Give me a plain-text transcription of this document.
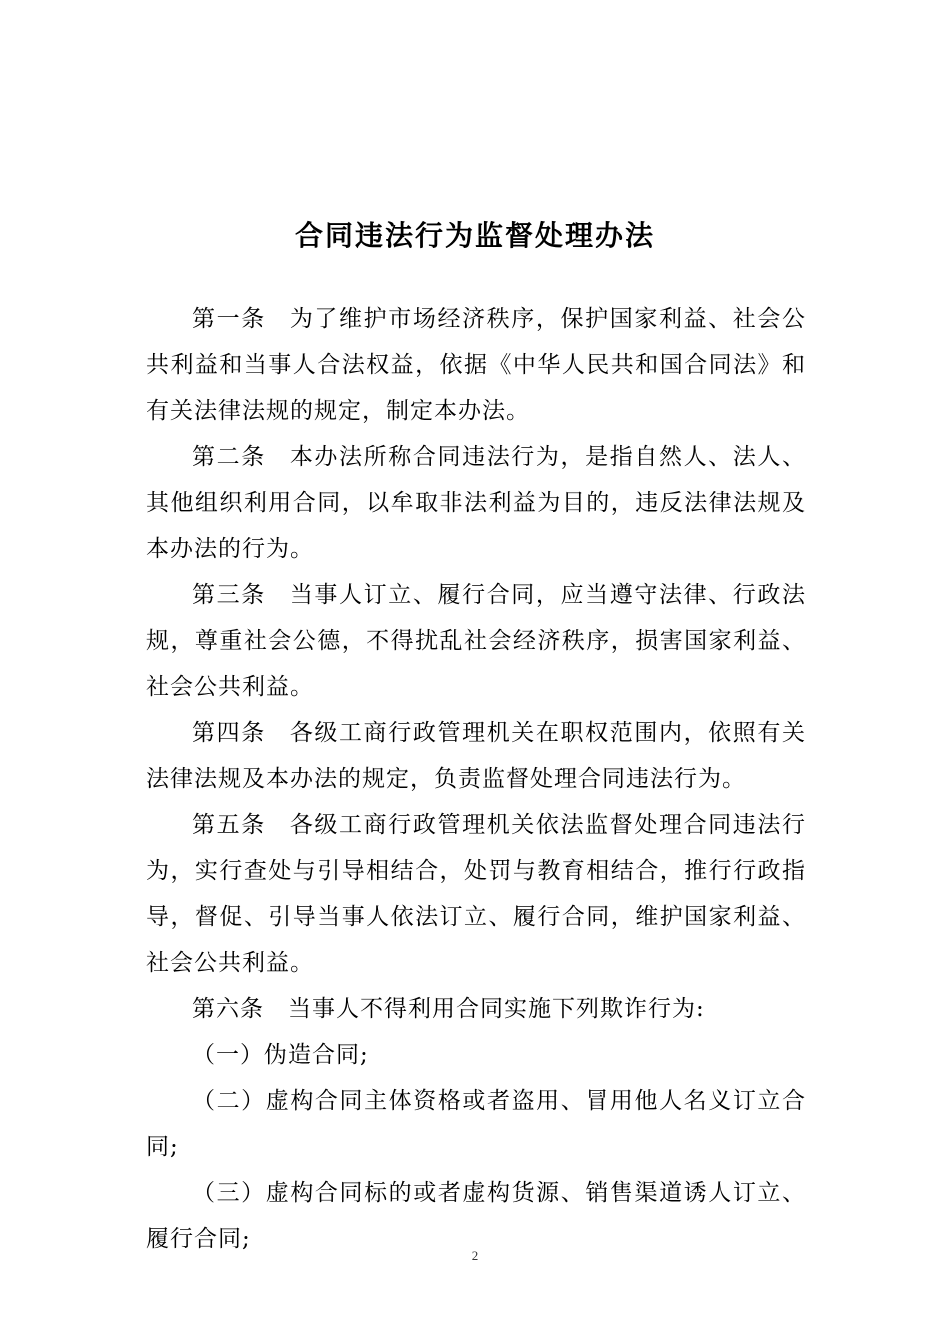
合同违法行为监督处理办法

第一条 为了维护市场经济秩序，保护国家利益、社会公共利益和当事人合法权益，依据《中华人民共和国合同法》和有关法律法规的规定，制定本办法。

第二条 本办法所称合同违法行为，是指自然人、法人、其他组织利用合同，以牟取非法利益为目的，违反法律法规及本办法的行为。

第三条 当事人订立、履行合同，应当遵守法律、行政法规，尊重社会公德，不得扰乱社会经济秩序，损害国家利益、社会公共利益。

第四条 各级工商行政管理机关在职权范围内，依照有关法律法规及本办法的规定，负责监督处理合同违法行为。

第五条 各级工商行政管理机关依法监督处理合同违法行为，实行查处与引导相结合，处罚与教育相结合，推行行政指导，督促、引导当事人依法订立、履行合同，维护国家利益、社会公共利益。

第六条 当事人不得利用合同实施下列欺诈行为:

（一）伪造合同;

（二）虚构合同主体资格或者盗用、冒用他人名义订立合同;

（三）虚构合同标的或者虚构货源、销售渠道诱人订立、履行合同;

2
